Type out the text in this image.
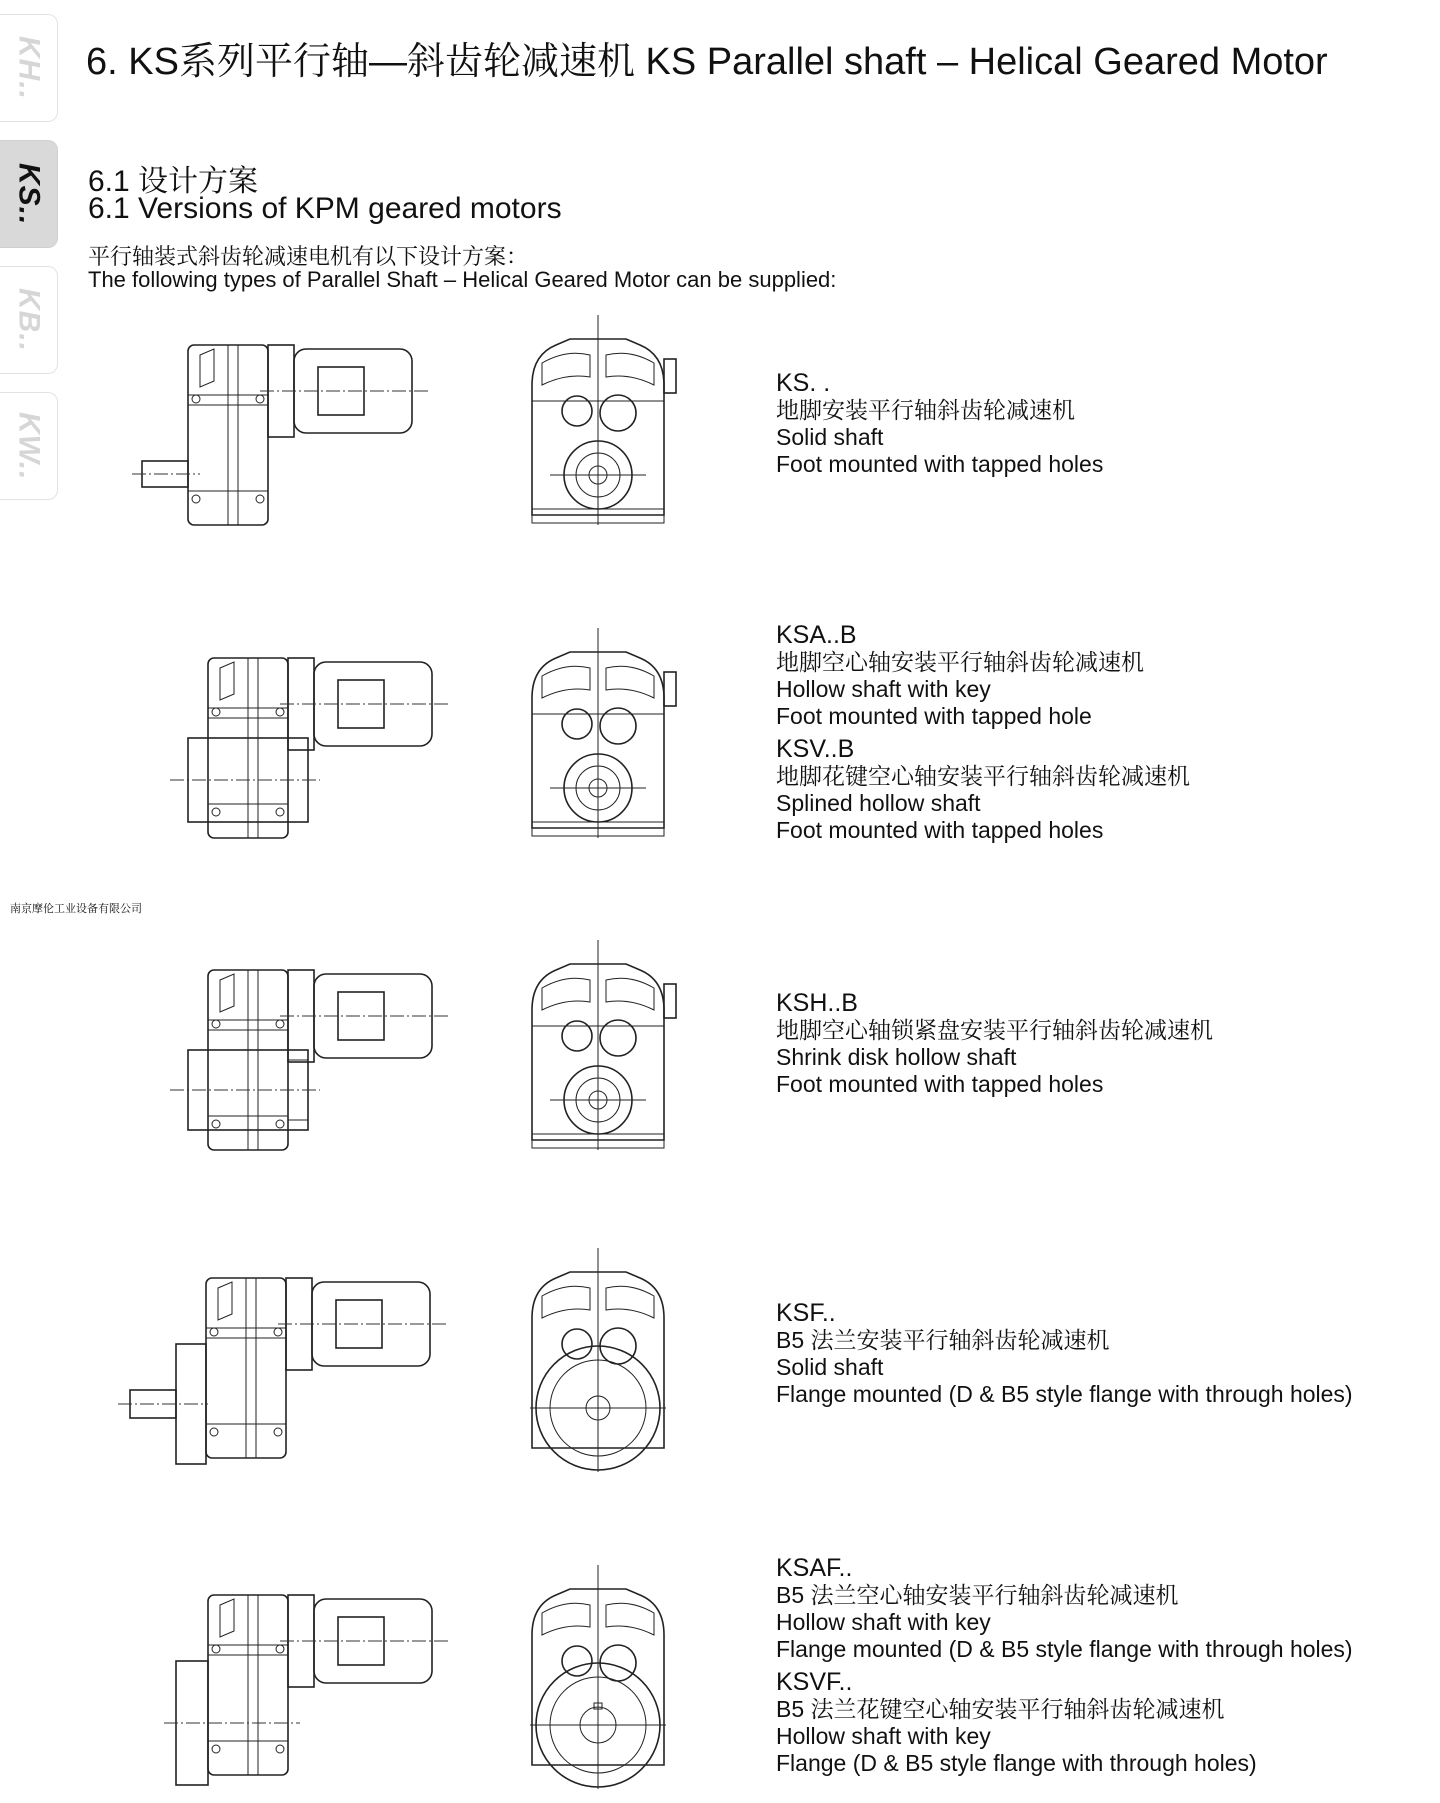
KH..
KS..
KB..
KW..
6. KS系列平行轴—斜齿轮减速机 KS Parallel shaft – Helical Geared Motor
6.1 设计方案
6.1 Versions of KPM geared motors
平行轴装式斜齿轮减速电机有以下设计方案：
The following types of Parallel Shaft – Helical Geared Motor can be supplied:
南京摩伦工业设备有限公司
KS. .
地脚安装平行轴斜齿轮减速机
Solid shaft
Foot mounted with tapped holes
KSA..B
地脚空心轴安装平行轴斜齿轮减速机
Hollow shaft with key
Foot mounted with tapped hole
KSV..B
地脚花键空心轴安装平行轴斜齿轮减速机
Splined hollow shaft
Foot mounted with tapped holes
KSH..B
地脚空心轴锁紧盘安装平行轴斜齿轮减速机
Shrink disk hollow shaft
Foot mounted with tapped holes
KSF..
B5 法兰安装平行轴斜齿轮减速机
Solid shaft
Flange mounted (D & B5 style flange with through holes)
KSAF..
B5 法兰空心轴安装平行轴斜齿轮减速机
Hollow shaft with key
Flange mounted (D & B5 style flange with through holes)
KSVF..
B5 法兰花键空心轴安装平行轴斜齿轮减速机
Hollow shaft with key
Flange (D & B5 style flange with through holes)
